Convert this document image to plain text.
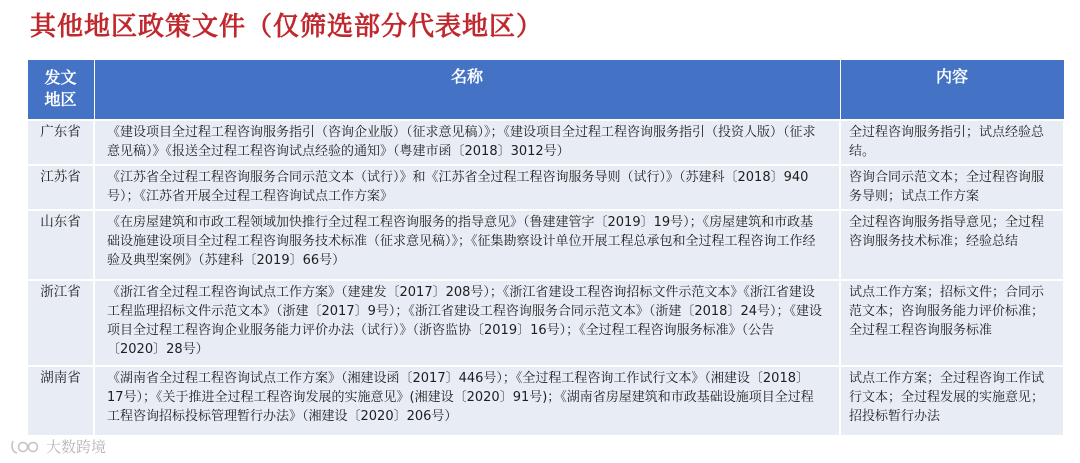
其他地区政策文件（仅筛选部分代表地区）
发文
地区	名称	内容
广东省	《建设项目全过程工程咨询服务指引（咨询企业版）（征求意见稿）》；《建设项目全过程工程咨询服务指引（投资人版）（征求意见稿）》《报送全过程工程咨询试点经验的通知》（粤建市函〔2018〕3012号）	全过程咨询服务指引；试点经验总结。
江苏省	《江苏省全过程工程咨询服务合同示范文本（试行）》和《江苏省全过程工程咨询服务导则（试行）》（苏建科〔2018〕940号）；《江苏省开展全过程工程咨询试点工作方案》	咨询合同示范文本；全过程咨询服务导则；试点工作方案
山东省	《在房屋建筑和市政工程领域加快推行全过程工程咨询服务的指导意见》（鲁建建管字〔2019〕19号）；《房屋建筑和市政基础设施建设项目全过程工程咨询服务技术标准（征求意见稿）》；《征集勘察设计单位开展工程总承包和全过程工程咨询工作经验及典型案例》（苏建科〔2019〕66号）	全过程咨询服务指导意见；全过程咨询服务技术标准；经验总结
浙江省	《浙江省全过程工程咨询试点工作方案》（建建发〔2017〕208号）；《浙江省建设工程咨询招标文件示范文本》《浙江省建设工程监理招标文件示范文本》（浙建〔2017〕9号）；《浙江省建设工程咨询服务合同示范文本》（浙建〔2018〕24号）；《建设项目全过程工程咨询企业服务能力评价办法（试行）》（浙咨监协〔2019〕16号）；《全过程工程咨询服务标准》（公告〔2020〕28号）	试点工作方案；招标文件；合同示范文本；咨询服务能力评价标准；全过程工程咨询服务标准
湖南省	《湖南省全过程工程咨询试点工作方案》（湘建设函〔2017〕446号）；《全过程工程咨询工作试行文本》（湘建设〔2018〕17号）；《关于推进全过程工程咨询发展的实施意见》(湘建设〔2020〕91号)；《湖南省房屋建筑和市政基础设施项目全过程工程咨询招标投标管理暂行办法》（湘建设〔2020〕206号）	试点工作方案；全过程咨询工作试行文本；全过程发展的实施意见；招投标暂行办法
大数跨境
